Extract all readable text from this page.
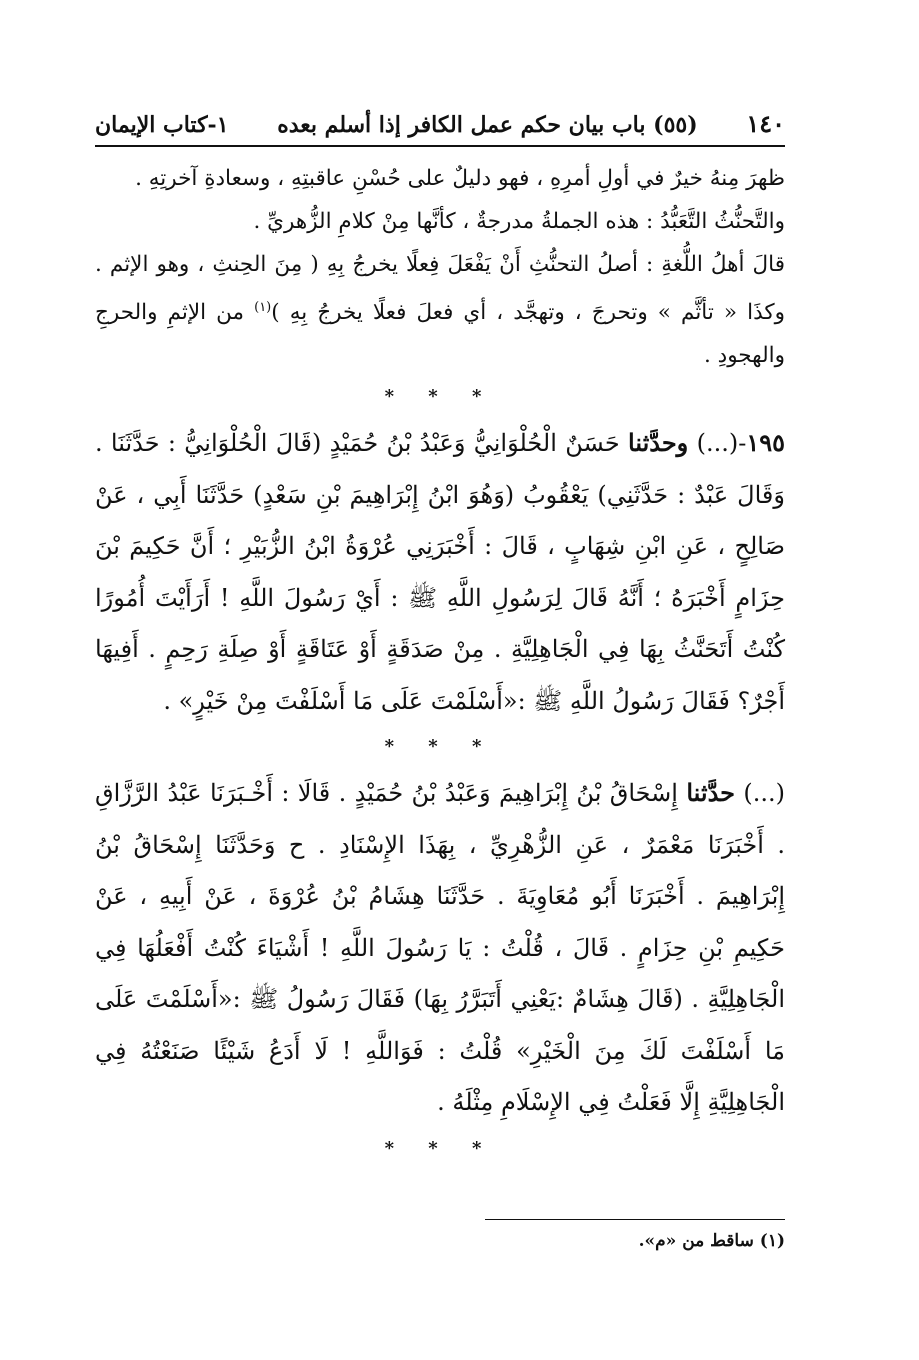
١٤٠
(٥٥) باب بيان حكم عمل الكافر إذا أسلم بعده
١-كتاب الإيمان

ظهرَ مِنهُ خيرٌ في أولِ أمرِهِ ، فهو دليلٌ على حُسْنِ عاقبتِهِ ، وسعادةِ آخرتِهِ .

والتَّحنُّثُ التَّعَبُّدُ : هذه الجملةُ مدرجةٌ ، كأنَّها مِنْ كلامِ الزُّهريِّ .

قالَ أهلُ اللُّغةِ : أصلُ التحنُّثِ أَنْ يَفْعَلَ فِعلًا يخرجُ بِهِ ( مِنَ الحِنثِ ، وهو الإثم . وكذَا « تأثَّم » وتحرجَ ، وتهجَّد ، أي فعلَ فعلًا يخرجُ بِهِ )$^{(١)}$ من الإثمِ والحرجِ والهجودِ .

* * *

١٩٥-(...) وحدَّثنا حَسَنٌ الْحُلْوَانِيُّ وَعَبْدُ بْنُ حُمَيْدٍ (قَالَ الْحُلْوَانِيُّ : حَدَّثَنَا . وَقَالَ عَبْدٌ : حَدَّثَنِي) يَعْقُوبُ (وَهُوَ ابْنُ إِبْرَاهِيمَ بْنِ سَعْدٍ) حَدَّثَنَا أَبِي ، عَنْ صَالِحٍ ، عَنِ ابْنِ شِهَابٍ ، قَالَ : أَخْبَرَنِي عُرْوَةُ ابْنُ الزُّبَيْرِ ؛ أَنَّ حَكِيمَ بْنَ حِزَامٍ أَخْبَرَهُ ؛ أَنَّهُ قَالَ لِرَسُولِ اللَّهِ ﷺ : أَيْ رَسُولَ اللَّهِ ! أَرَأَيْتَ أُمُورًا كُنْتُ أَتَحَنَّثُ بِهَا فِي الْجَاهِلِيَّةِ . مِنْ صَدَقَةٍ أَوْ عَتَاقَةٍ أَوْ صِلَةِ رَحِمٍ . أَفِيهَا أَجْرٌ؟ فَقَالَ رَسُولُ اللَّهِ ﷺ :«أَسْلَمْتَ عَلَى مَا أَسْلَفْتَ مِنْ خَيْرٍ» .

* * *

(...) حدَّثنا إِسْحَاقُ بْنُ إِبْرَاهِيمَ وَعَبْدُ بْنُ حُمَيْدٍ . قَالَا : أَخْـبَرَنَا عَبْدُ الرَّزَّاقِ . أَخْبَرَنَا مَعْمَرٌ ، عَنِ الزُّهْرِيِّ ، بِهَذَا الإِسْنَادِ . ح وَحَدَّثَنَا إِسْحَاقُ بْنُ إِبْرَاهِيمَ . أَخْبَرَنَا أَبُو مُعَاوِيَةَ . حَدَّثَنَا هِشَامُ بْنُ عُرْوَةَ ، عَنْ أَبِيهِ ، عَنْ حَكِيمِ بْنِ حِزَامٍ . قَالَ ، قُلْتُ : يَا رَسُولَ اللَّهِ ! أَشْيَاءَ كُنْتُ أَفْعَلُهَا فِي الْجَاهِلِيَّةِ . (قَالَ هِشَامٌ :يَعْنِي أَتَبَرَّرُ بِهَا) فَقَالَ رَسُولُ ﷺ :«أَسْلَمْتَ عَلَى مَا أَسْلَفْتَ لَكَ مِنَ الْخَيْرِ» قُلْتُ : فَوَاللَّهِ ! لَا أَدَعُ شَيْئًا صَنَعْتُهُ فِي الْجَاهِلِيَّةِ إِلَّا فَعَلْتُ فِي الإِسْلَامِ مِثْلَهُ .

* * *
(١) ساقط من «م».
